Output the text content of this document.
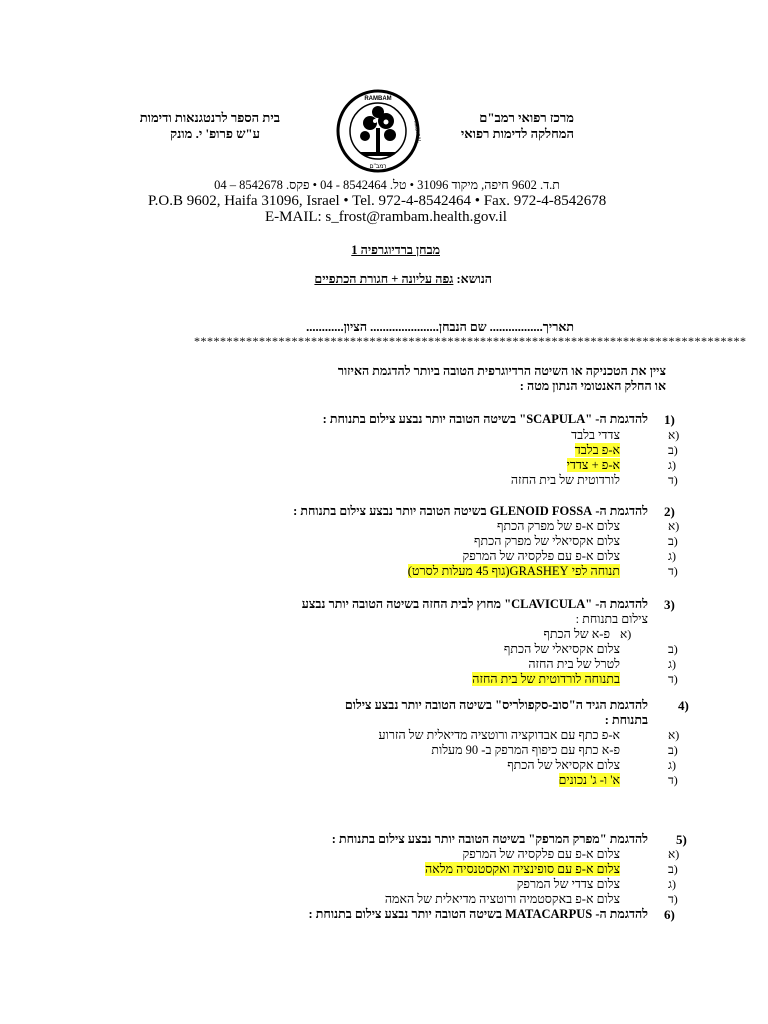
בית הספר לרנטגנאות ודימות
ע"ש פרופ' י. מונק
מרכז רפואי רמב"ם
המחלקה לדימות רפואי
RAMBAM
MEDICAL
רמב"ם
ת.ד. 9602 חיפה, מיקוד 31096 • טל. 8542464 - 04 • פקס. 8542678 – 04
P.O.B 9602, Haifa 31096, Israel • Tel. 972-4-8542464 • Fax. 972-4-8542678
E-MAIL: s_frost@rambam.health.gov.il
מבחן ברדיוגרפיה 1
הנושא: גפה עליונה + חגורת הכתפיים
תאריך................. שם הנבחן...................... הציון............
*************************************************************************************
ציין את הטכניקה או השיטה הרדיוגרפית הטובה ביותר להדגמת האיזור
או החלק האנטומי הנתון מטה :
1)
להדגמת ה- "SCAPULA" בשיטה הטובה יותר נבצע צילום בתנוחת :
א)
צדדי בלבד
ב)
א-פ בלבד
ג)
א-פ + צדדי
ד)
לורדוטית של בית החזה
2)
להדגמת ה- GLENOID FOSSA בשיטה הטובה יותר נבצע צילום בתנוחת :
א)
צלום א-פ של מפרק הכתף
ב)
צלום אקסיאלי של מפרק הכתף
ג)
צלום א-פ עם פלקסיה של המרפק
ד)
תנוחה לפי GRASHEY(גוף 45 מעלות לסרט)
3)
להדגמת ה- "CLAVICULA" מחוץ לבית החזה בשיטה הטובה יותר נבצע
צילום בתנוחת :
א)
פ-א של הכתף
ב)
צלום אקסיאלי של הכתף
ג)
לטרל של בית החזה
ד)
בתנוחה לורדוטית של בית החזה
4)
להדגמת הגיד ה"סוב-סקפולריס" בשיטה הטובה יותר נבצע צילום
בתנוחת :
א)
א-פ כתף עם אבדוקציה ורוטציה מדיאלית של הזרוע
ב)
פ-א כתף עם כיפוף המרפק ב- 90 מעלות
ג)
צלום אקסיאל של הכתף
ד)
א' ו- ג' נכונים
5)
להדגמת "מפרק המרפק" בשיטה הטובה יותר נבצע צילום בתנוחת :
א)
צלום א-פ עם פלקסיה של המרפק
ב)
צלום א-פ עם סופינציה ואקסטנסיה מלאה
ג)
צלום צדדי של המרפק
ד)
צלום א-פ באקסטמיה ורוטציה מדיאלית של האמה
6)
להדגמת ה- MATACARPUS בשיטה הטובה יותר נבצע צילום בתנוחת :
